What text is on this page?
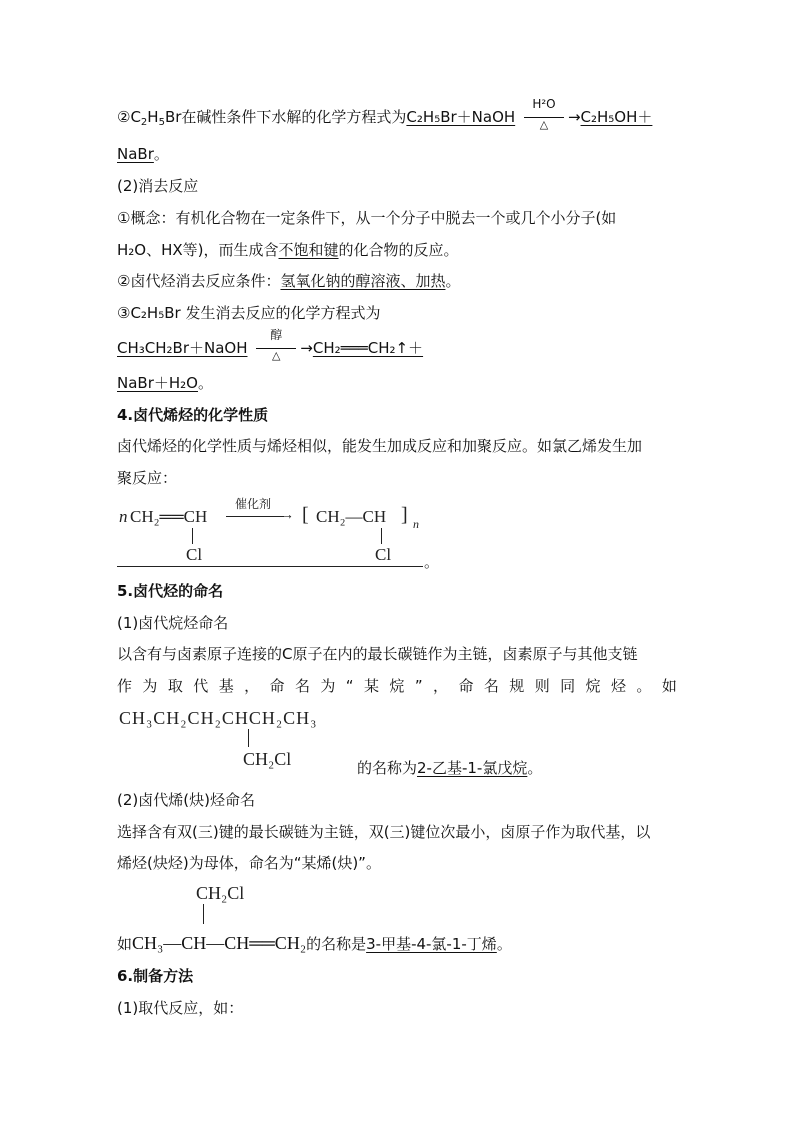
$②C_2H_5Br$在碱性条件下水解的化学方程式为C₂H₅Br＋NaOH
H²O
△	→C₂H₅OH＋
NaBr。
(2)消去反应
①概念：有机化合物在一定条件下，从一个分子中脱去一个或几个小分子(如
H₂O、HX等)，而生成含不饱和键的化合物的反应。
②卤代烃消去反应条件：氢氧化钠的醇溶液、加热。
③C₂H₅Br 发生消去反应的化学方程式为
CH₃CH₂Br＋NaOH
醇
△	→CH₂═══CH₂↑＋
NaBr＋H₂O。
4.卤代烯烃的化学性质
卤代烯烃的化学性质与烯烃相似，能发生加成反应和加聚反应。如氯乙烯发生加
聚反应：
n CH₂══CH
Cl
催化剂
→ [ CH₂—CH ] n
Cl 。
5.卤代烃的命名
(1)卤代烷烃命名
以含有与卤素原子连接的C原子在内的最长碳链作为主链，卤素原子与其他支链
作 为 取 代 基 ， 命 名 为 “ 某 烷 ” ， 命 名 规 则 同 烷 烃 。 如
CH₃CH₂CH₂CHCH₂CH₃
CH₂Cl	的名称为2-乙基-1-氯戊烷。
(2)卤代烯(炔)烃命名
选择含有双(三)键的最长碳链为主链，双(三)键位次最小，卤原子作为取代基，以
烯烃(炔烃)为母体，命名为“某烯(炔)”。
CH₂Cl
如CH₃—CH—CH══CH₂的名称是3-甲基-4-氯-1-丁烯。
6.制备方法
(1)取代反应，如：
